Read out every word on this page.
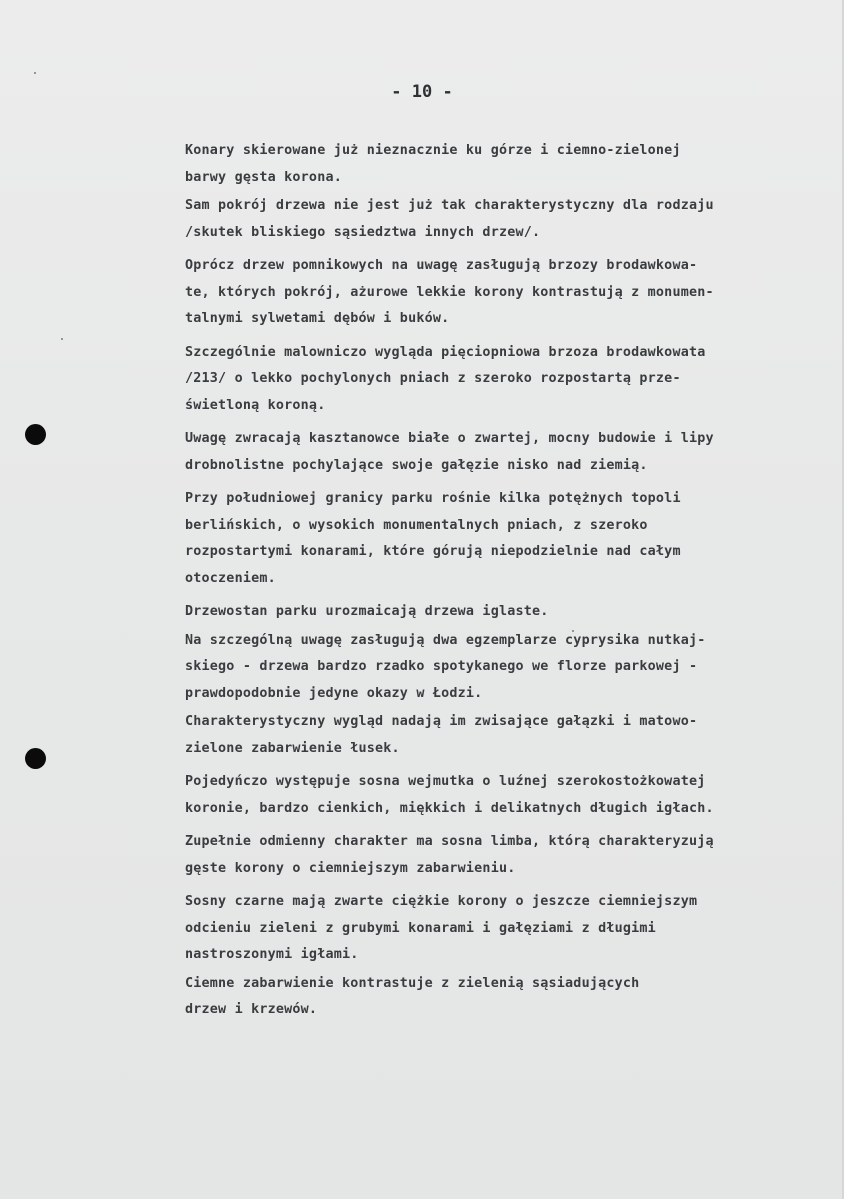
- 10 -

Konary skierowane już nieznacznie ku górze i ciemno-zielonej
barwy gęsta korona.

Sam pokrój drzewa nie jest już tak charakterystyczny dla rodzaju
/skutek bliskiego sąsiedztwa innych drzew/.

Oprócz drzew pomnikowych na uwagę zasługują brzozy brodawkowa-
te, których pokrój, ażurowe lekkie korony kontrastują z monumen-
talnymi sylwetami dębów i buków.

Szczególnie malowniczo wygląda pięciopniowa brzoza brodawkowata
/213/ o lekko pochylonych pniach z szeroko rozpostartą prze-
świetloną koroną.

Uwagę zwracają kasztanowce białe o zwartej, mocny budowie i lipy
drobnolistne pochylające swoje gałęzie nisko nad ziemią.

Przy południowej granicy parku rośnie kilka potężnych topoli
berlińskich, o wysokich monumentalnych pniach, z szeroko
rozpostartymi konarami, które górują niepodzielnie nad całym
otoczeniem.

Drzewostan parku urozmaicają drzewa iglaste.

Na szczególną uwagę zasługują dwa egzemplarze cyprysika nutkaj-
skiego - drzewa bardzo rzadko spotykanego we florze parkowej -
prawdopodobnie jedyne okazy w Łodzi.

Charakterystyczny wygląd nadają im zwisające gałązki i matowo-
zielone zabarwienie łusek.

Pojedyńczo występuje sosna wejmutka o luźnej szerokostożkowatej
koronie, bardzo cienkich, miękkich i delikatnych długich igłach.

Zupełnie odmienny charakter ma sosna limba, którą charakteryzują
gęste korony o ciemniejszym zabarwieniu.

Sosny czarne mają zwarte ciężkie korony o jeszcze ciemniejszym
odcieniu zieleni z grubymi konarami i gałęziami z długimi
nastroszonymi igłami.

Ciemne zabarwienie kontrastuje z zielenią sąsiadujących
drzew i krzewów.
